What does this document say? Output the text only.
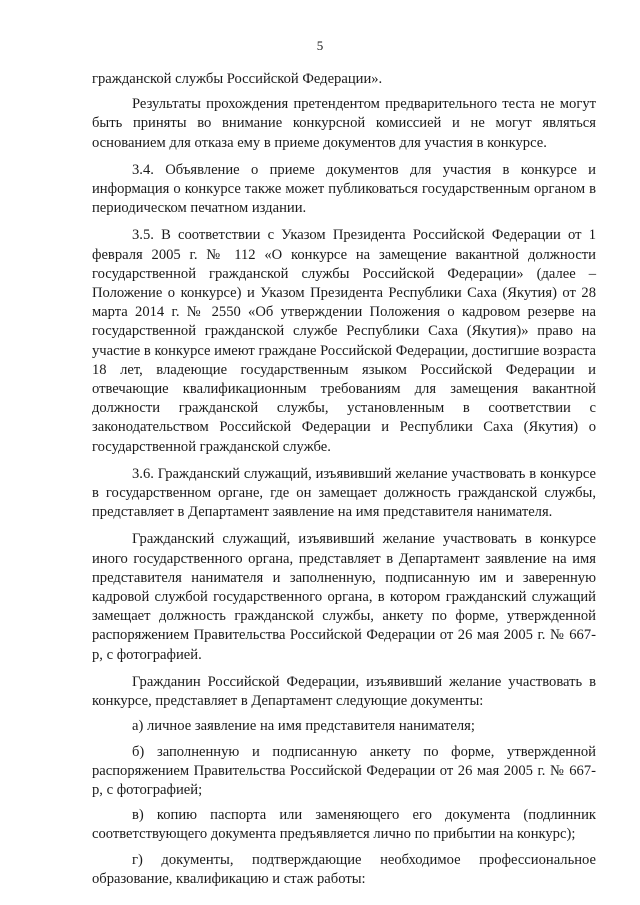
5

гражданской службы Российской Федерации».

Результаты прохождения претендентом предварительного теста не могут быть приняты во внимание конкурсной комиссией и не могут являться основанием для отказа ему в приеме документов для участия в конкурсе.

3.4. Объявление о приеме документов для участия в конкурсе и информация о конкурсе также может публиковаться государственным органом в периодическом печатном издании.

3.5. В соответствии с Указом Президента Российской Федерации от 1 февраля 2005 г. № 112 «О конкурсе на замещение вакантной должности государственной гражданской службы Российской Федерации» (далее – Положение о конкурсе) и Указом Президента Республики Саха (Якутия) от 28 марта 2014 г. № 2550 «Об утверждении Положения о кадровом резерве на государственной гражданской службе Республики Саха (Якутия)» право на участие в конкурсе имеют граждане Российской Федерации, достигшие возраста 18 лет, владеющие государственным языком Российской Федерации и отвечающие квалификационным требованиям для замещения вакантной должности гражданской службы, установленным в соответствии с законодательством Российской Федерации и Республики Саха (Якутия) о государственной гражданской службе.

3.6. Гражданский служащий, изъявивший желание участвовать в конкурсе в государственном органе, где он замещает должность гражданской службы, представляет в Департамент заявление на имя представителя нанимателя.

Гражданский служащий, изъявивший желание участвовать в конкурсе иного государственного органа, представляет в Департамент заявление на имя представителя нанимателя и заполненную, подписанную им и заверенную кадровой службой государственного органа, в котором гражданский служащий замещает должность гражданской службы, анкету по форме, утвержденной распоряжением Правительства Российской Федерации от 26 мая 2005 г. № 667-р, с фотографией.

Гражданин Российской Федерации, изъявивший желание участвовать в конкурсе, представляет в Департамент следующие документы:

а) личное заявление на имя представителя нанимателя;

б) заполненную и подписанную анкету по форме, утвержденной распоряжением Правительства Российской Федерации от 26 мая 2005 г. № 667-р, с фотографией;

в) копию паспорта или заменяющего его документа (подлинник соответствующего документа предъявляется лично по прибытии на конкурс);

г) документы, подтверждающие необходимое профессиональное образование, квалификацию и стаж работы:
